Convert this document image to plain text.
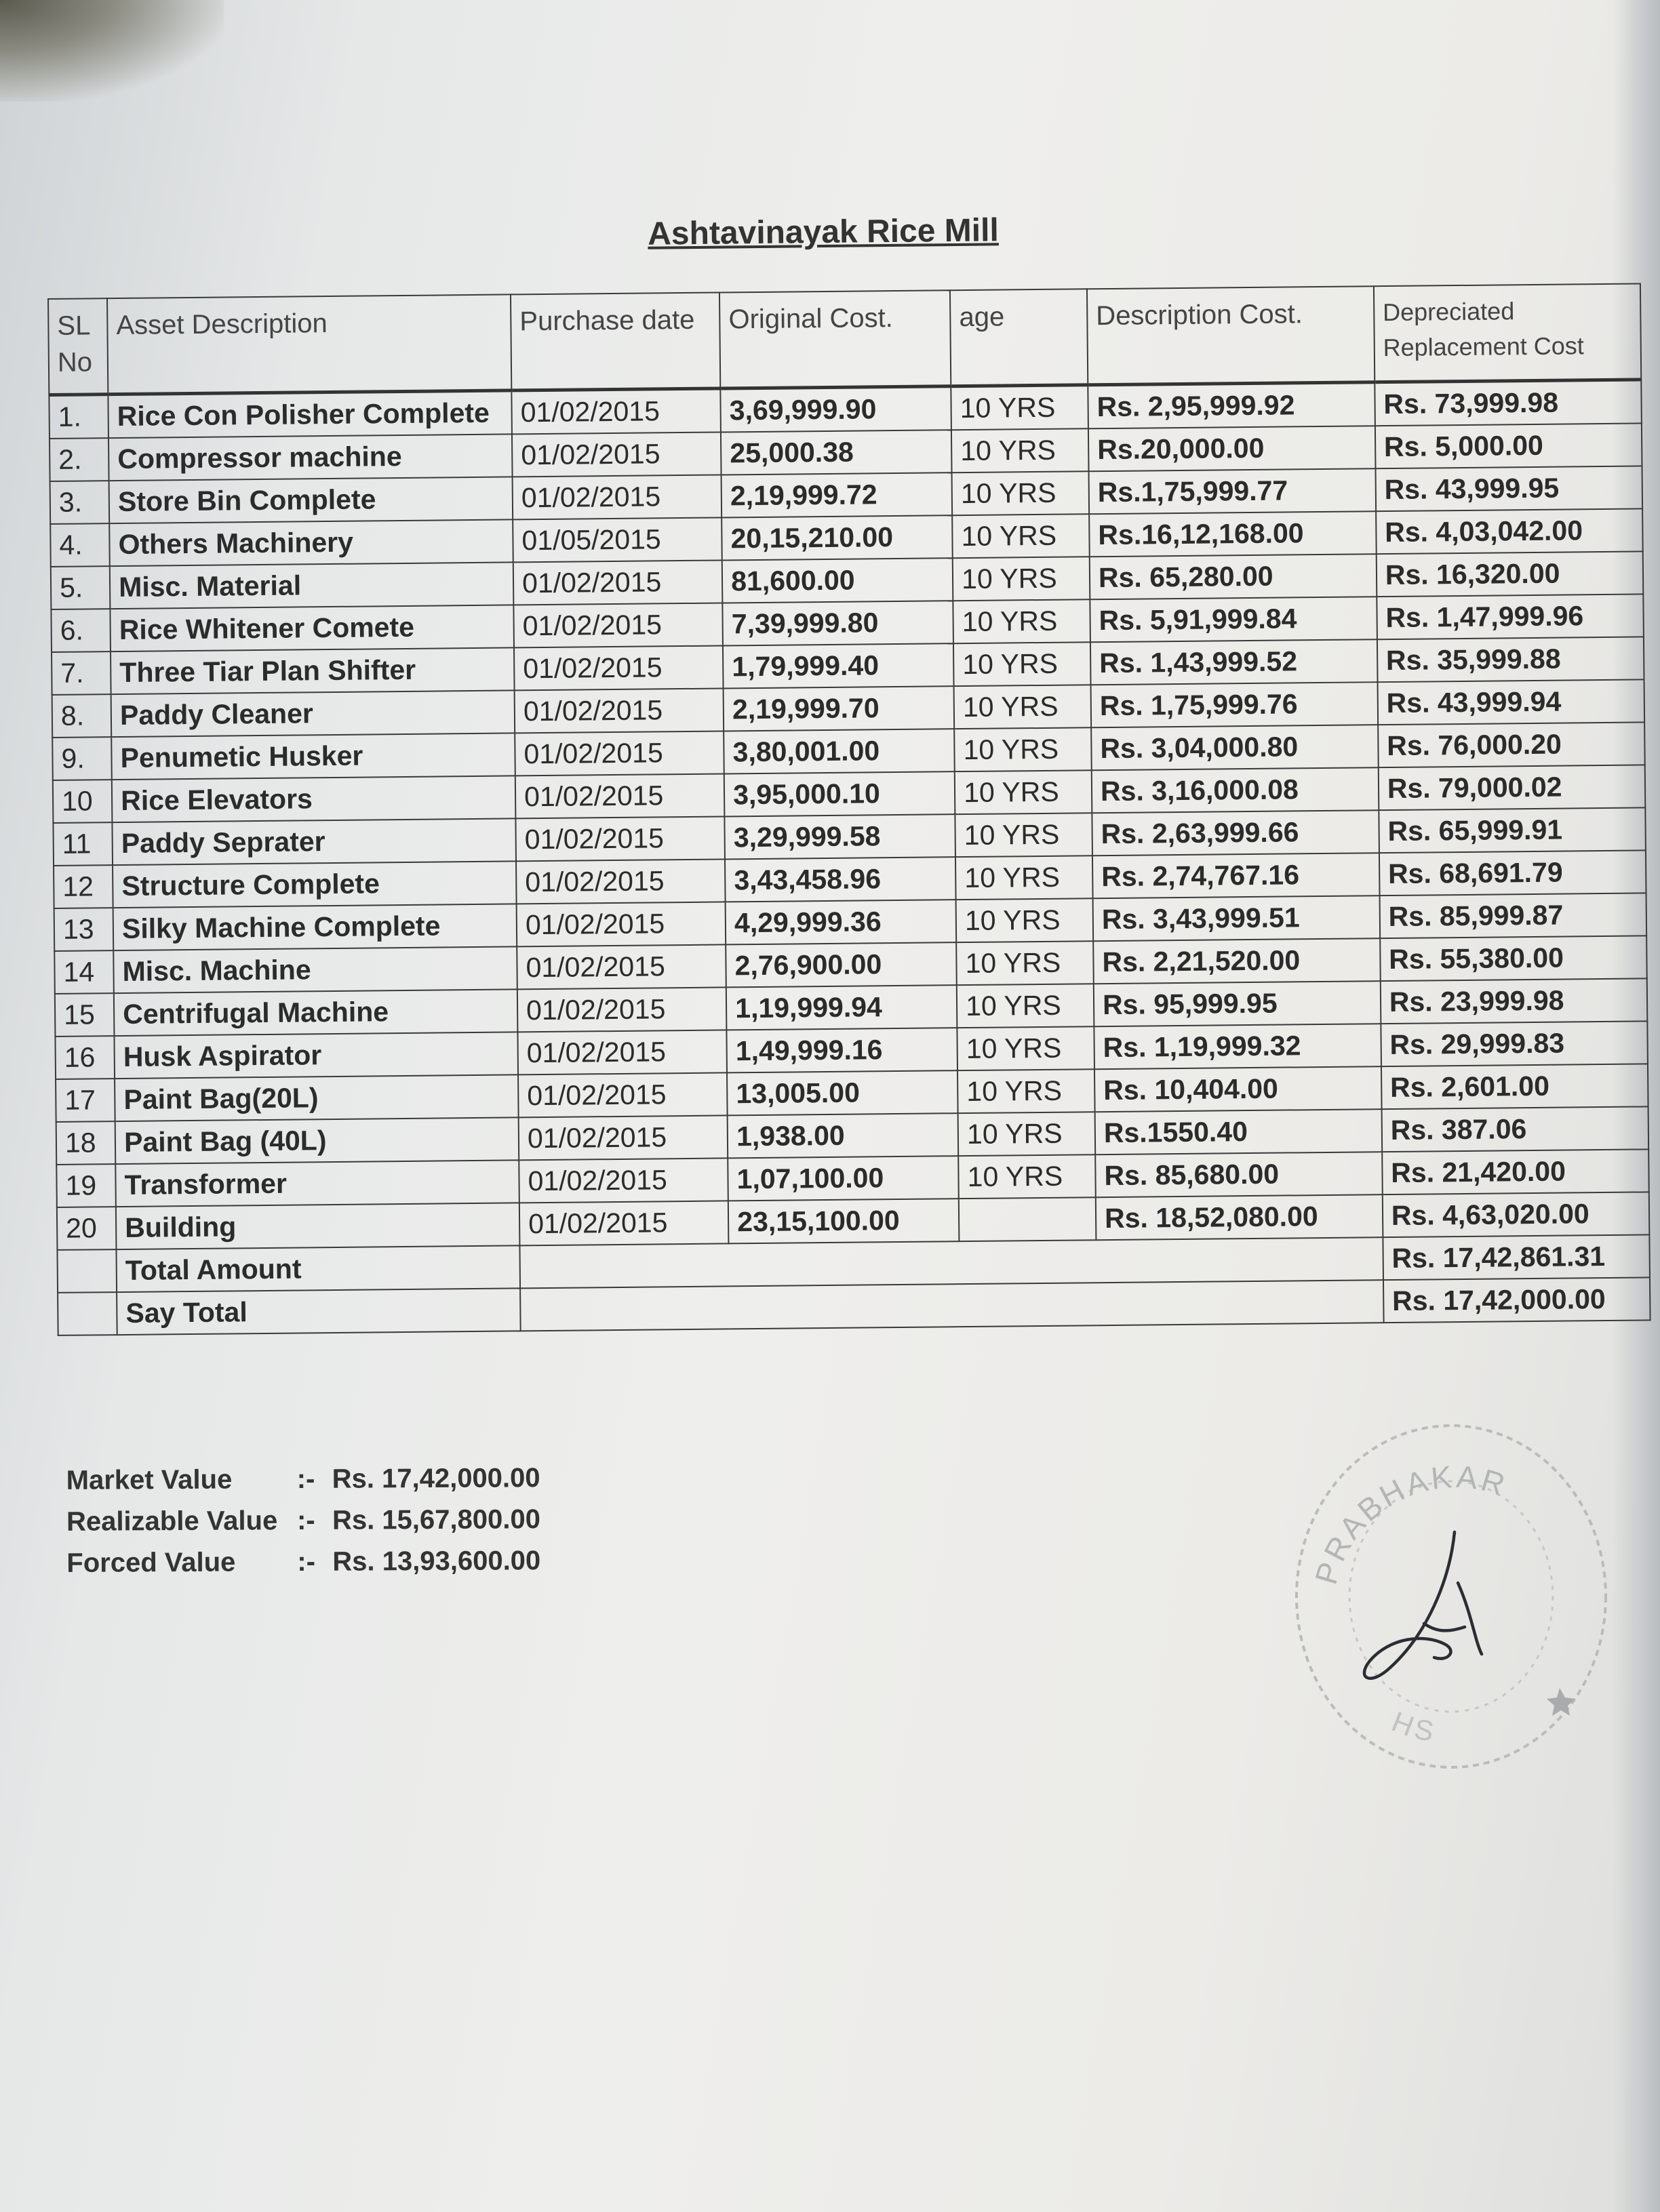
Ashtavinayak Rice Mill
SL No	Asset Description	Purchase date	Original Cost.	age	Description Cost.	Depreciated Replacement Cost
1.	Rice Con Polisher Complete	01/02/2015	3,69,999.90	10 YRS	Rs. 2,95,999.92	Rs. 73,999.98
2.	Compressor machine	01/02/2015	25,000.38	10 YRS	Rs.20,000.00	Rs. 5,000.00
3.	Store Bin Complete	01/02/2015	2,19,999.72	10 YRS	Rs.1,75,999.77	Rs. 43,999.95
4.	Others Machinery	01/05/2015	20,15,210.00	10 YRS	Rs.16,12,168.00	Rs. 4,03,042.00
5.	Misc. Material	01/02/2015	81,600.00	10 YRS	Rs. 65,280.00	Rs. 16,320.00
6.	Rice Whitener Comete	01/02/2015	7,39,999.80	10 YRS	Rs. 5,91,999.84	Rs. 1,47,999.96
7.	Three Tiar Plan Shifter	01/02/2015	1,79,999.40	10 YRS	Rs. 1,43,999.52	Rs. 35,999.88
8.	Paddy Cleaner	01/02/2015	2,19,999.70	10 YRS	Rs. 1,75,999.76	Rs. 43,999.94
9.	Penumetic Husker	01/02/2015	3,80,001.00	10 YRS	Rs. 3,04,000.80	Rs. 76,000.20
10	Rice Elevators	01/02/2015	3,95,000.10	10 YRS	Rs. 3,16,000.08	Rs. 79,000.02
11	Paddy Seprater	01/02/2015	3,29,999.58	10 YRS	Rs. 2,63,999.66	Rs. 65,999.91
12	Structure Complete	01/02/2015	3,43,458.96	10 YRS	Rs. 2,74,767.16	Rs. 68,691.79
13	Silky Machine Complete	01/02/2015	4,29,999.36	10 YRS	Rs. 3,43,999.51	Rs. 85,999.87
14	Misc. Machine	01/02/2015	2,76,900.00	10 YRS	Rs. 2,21,520.00	Rs. 55,380.00
15	Centrifugal Machine	01/02/2015	1,19,999.94	10 YRS	Rs. 95,999.95	Rs. 23,999.98
16	Husk Aspirator	01/02/2015	1,49,999.16	10 YRS	Rs. 1,19,999.32	Rs. 29,999.83
17	Paint Bag(20L)	01/02/2015	13,005.00	10 YRS	Rs. 10,404.00	Rs. 2,601.00
18	Paint Bag (40L)	01/02/2015	1,938.00	10 YRS	Rs.1550.40	Rs. 387.06
19	Transformer	01/02/2015	1,07,100.00	10 YRS	Rs. 85,680.00	Rs. 21,420.00
20	Building	01/02/2015	23,15,100.00		Rs. 18,52,080.00	Rs. 4,63,020.00
	Total Amount					Rs. 17,42,861.31
	Say Total					Rs. 17,42,000.00
Market Value	:- Rs. 17,42,000.00
Realizable Value :- Rs. 15,67,800.00
Forced Value	:- Rs. 13,93,600.00	PRABHAKAR
HS
